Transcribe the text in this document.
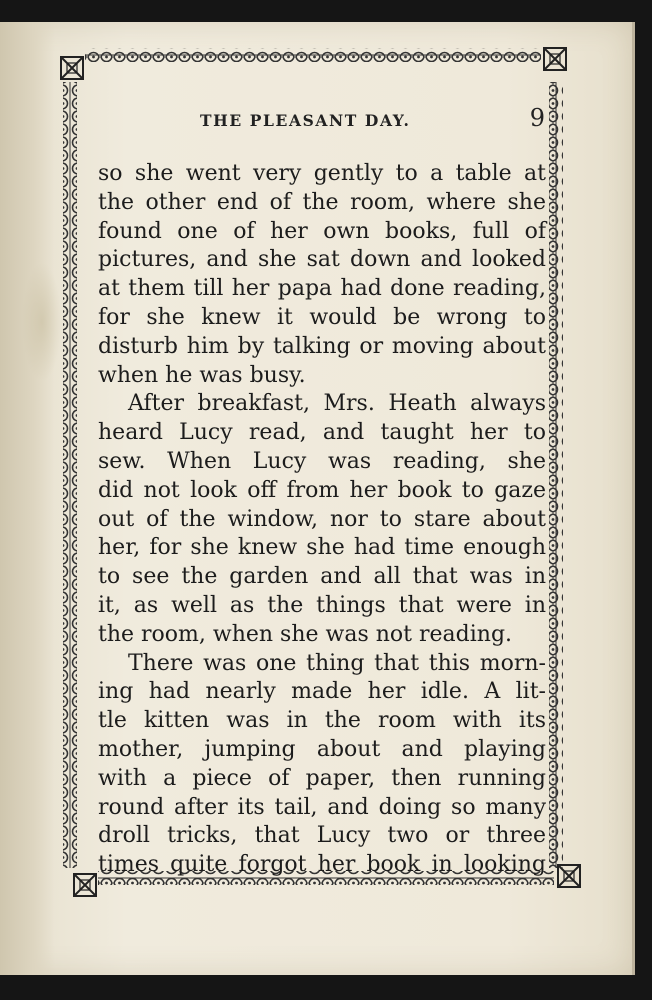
THE PLEASANT DAY.	9
so she went very gently to a table at
the other end of the room, where she
found one of her own books, full of
pictures, and she sat down and looked
at them till her papa had done reading,
for she knew it would be wrong to
disturb him by talking or moving about
when he was busy.
After breakfast, Mrs. Heath always
heard Lucy read, and taught her to
sew. When Lucy was reading, she
did not look off from her book to gaze
out of the window, nor to stare about
her, for she knew she had time enough
to see the garden and all that was in
it, as well as the things that were in
the room, when she was not reading.
There was one thing that this morn-
ing had nearly made her idle. A lit-
tle kitten was in the room with its
mother, jumping about and playing
with a piece of paper, then running
round after its tail, and doing so many
droll tricks, that Lucy two or three
times quite forgot her book in looking
